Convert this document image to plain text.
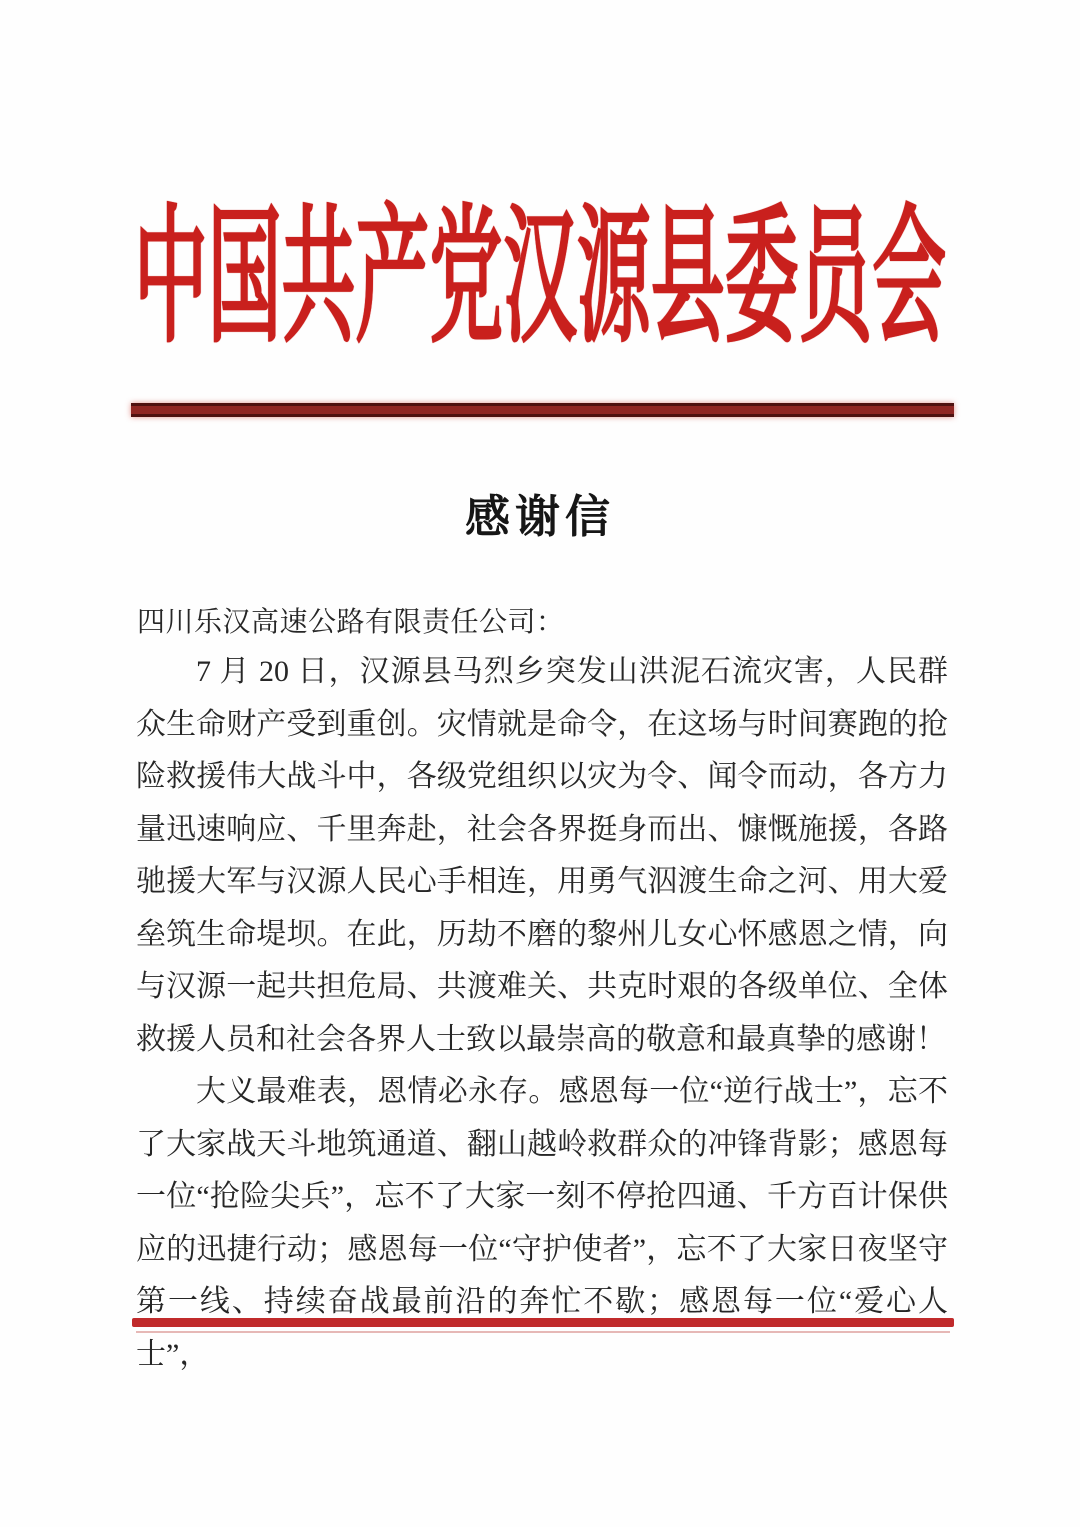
中国共产党汉源县委员会
感谢信
四川乐汉高速公路有限责任公司：

7 月 20 日，汉源县马烈乡突发山洪泥石流灾害，人民群众生命财产受到重创。灾情就是命令，在这场与时间赛跑的抢险救援伟大战斗中，各级党组织以灾为令、闻令而动，各方力量迅速响应、千里奔赴，社会各界挺身而出、慷慨施援，各路驰援大军与汉源人民心手相连，用勇气泅渡生命之河、用大爱垒筑生命堤坝。在此，历劫不磨的黎州儿女心怀感恩之情，向与汉源一起共担危局、共渡难关、共克时艰的各级单位、全体救援人员和社会各界人士致以最崇高的敬意和最真挚的感谢！

大义最难表，恩情必永存。感恩每一位“逆行战士”，忘不了大家战天斗地筑通道、翻山越岭救群众的冲锋背影；感恩每一位“抢险尖兵”，忘不了大家一刻不停抢四通、千方百计保供应的迅捷行动；感恩每一位“守护使者”，忘不了大家日夜坚守第一线、持续奋战最前沿的奔忙不歇；感恩每一位“爱心人士”，
